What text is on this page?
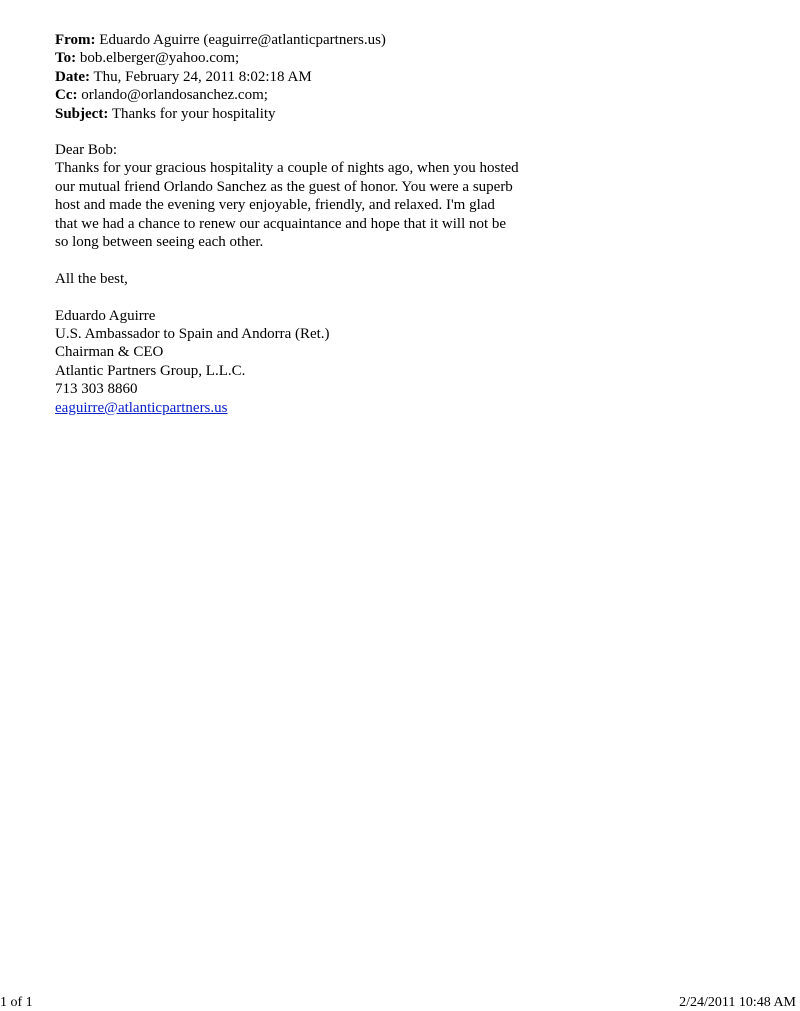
From: Eduardo Aguirre (eaguirre@atlanticpartners.us)
To: bob.elberger@yahoo.com;
Date: Thu, February 24, 2011 8:02:18 AM
Cc: orlando@orlandosanchez.com;
Subject: Thanks for your hospitality
Dear Bob:
Thanks for your gracious hospitality a couple of nights ago, when you hosted
our mutual friend Orlando Sanchez as the guest of honor. You were a superb
host and made the evening very enjoyable, friendly, and relaxed. I'm glad
that we had a chance to renew our acquaintance and hope that it will not be
so long between seeing each other.
All the best,
Eduardo Aguirre
U.S. Ambassador to Spain and Andorra (Ret.)
Chairman & CEO
Atlantic Partners Group, L.L.C.
713 303 8860
eaguirre@atlanticpartners.us
1 of 1	2/24/2011 10:48 AM
